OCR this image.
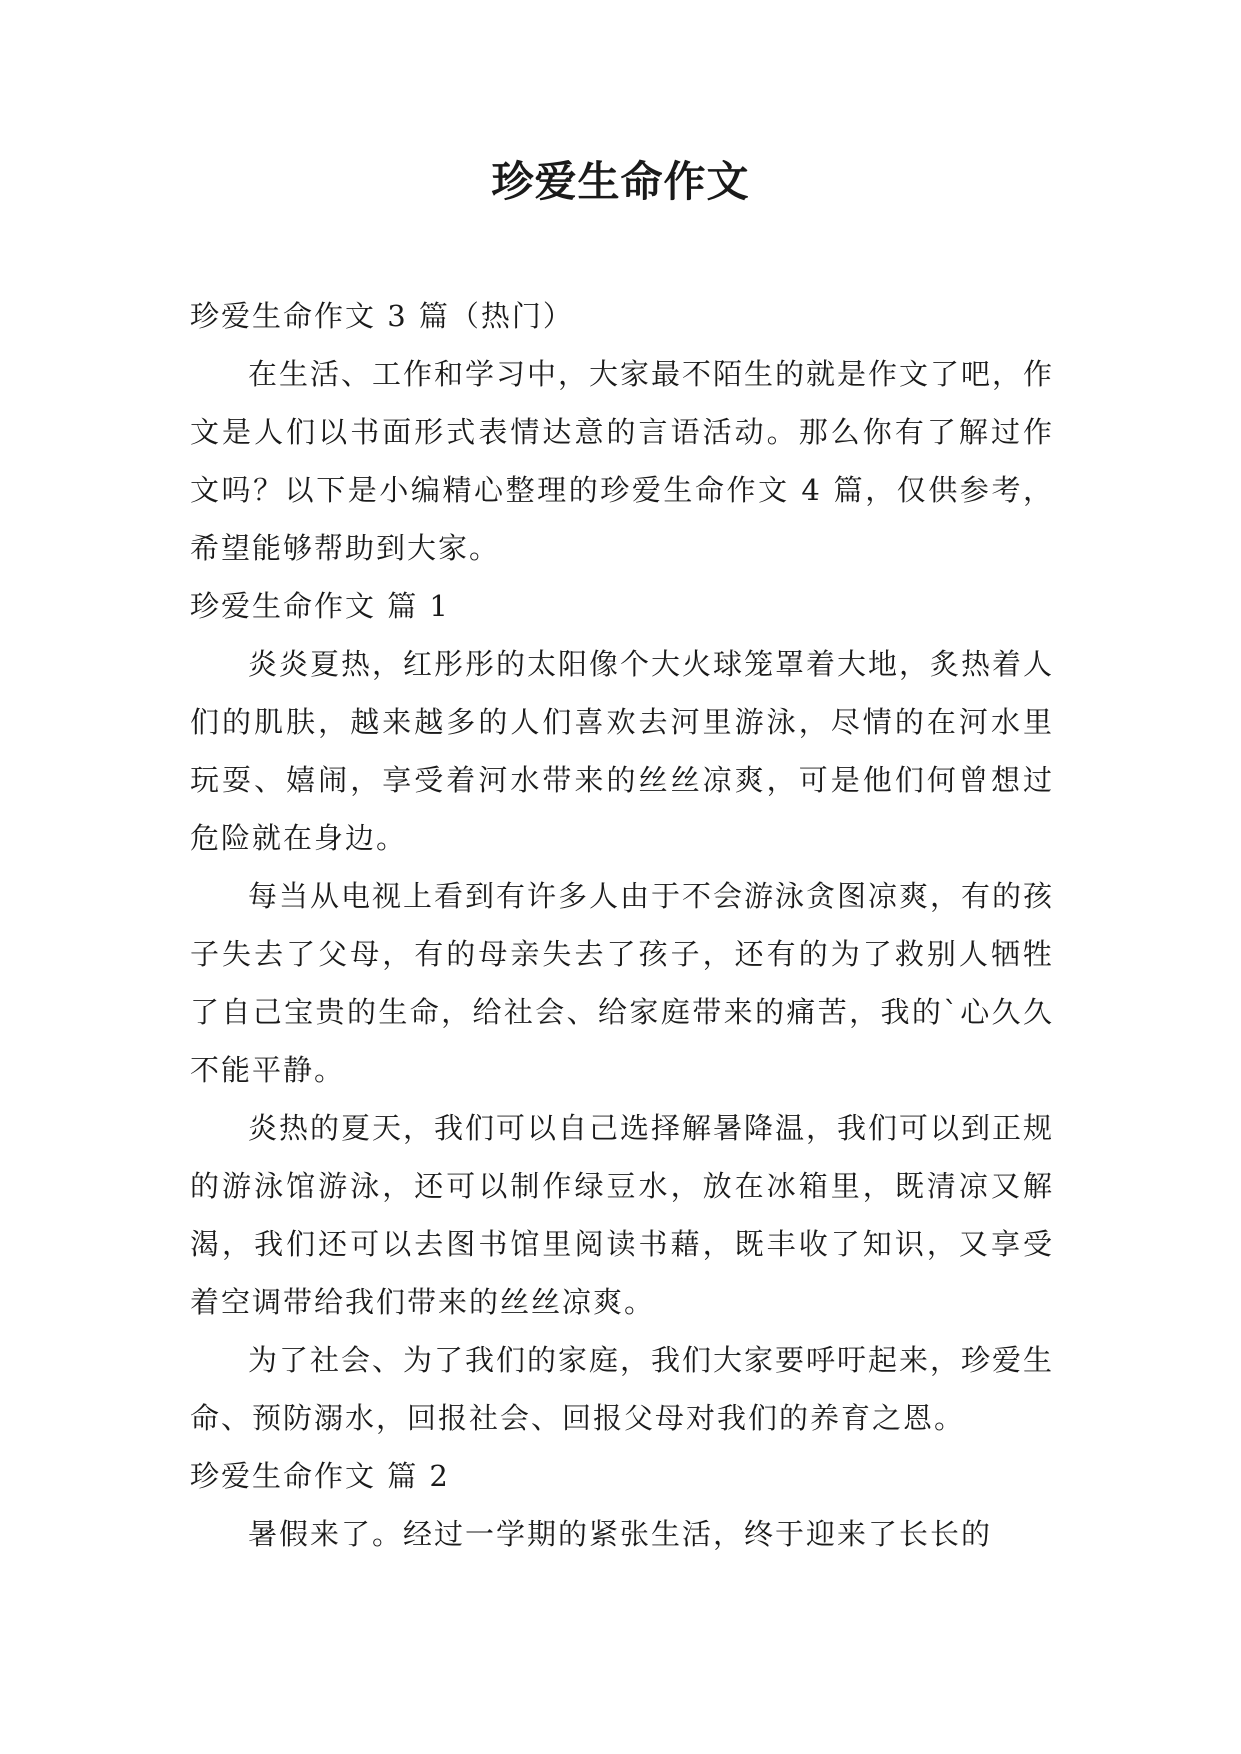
珍爱生命作文

珍爱生命作文 3 篇（热门）

在生活、工作和学习中，大家最不陌生的就是作文了吧，作文是人们以书面形式表情达意的言语活动。那么你有了解过作文吗？以下是小编精心整理的珍爱生命作文 4 篇，仅供参考，希望能够帮助到大家。

珍爱生命作文 篇 1

炎炎夏热，红彤彤的太阳像个大火球笼罩着大地，炙热着人们的肌肤，越来越多的人们喜欢去河里游泳，尽情的在河水里玩耍、嬉闹，享受着河水带来的丝丝凉爽，可是他们何曾想过危险就在身边。

每当从电视上看到有许多人由于不会游泳贪图凉爽，有的孩子失去了父母，有的母亲失去了孩子，还有的为了救别人牺牲了自己宝贵的生命，给社会、给家庭带来的痛苦，我的`心久久不能平静。

炎热的夏天，我们可以自己选择解暑降温，我们可以到正规的游泳馆游泳，还可以制作绿豆水，放在冰箱里，既清凉又解渴，我们还可以去图书馆里阅读书藉，既丰收了知识，又享受着空调带给我们带来的丝丝凉爽。

为了社会、为了我们的家庭，我们大家要呼吁起来，珍爱生命、预防溺水，回报社会、回报父母对我们的养育之恩。

珍爱生命作文 篇 2

暑假来了。经过一学期的紧张生活，终于迎来了长长的
